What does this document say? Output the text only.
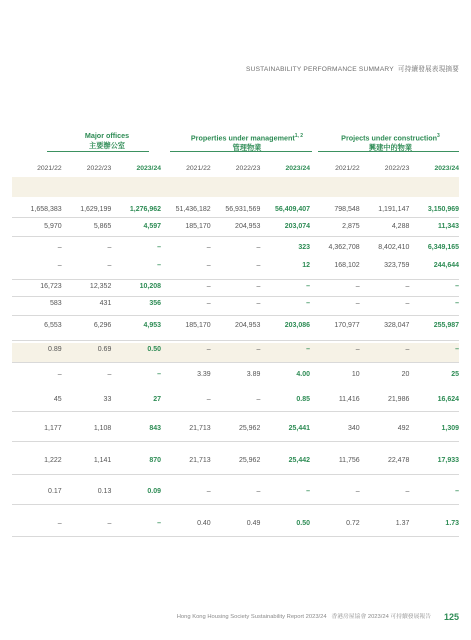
SUSTAINABILITY PERFORMANCE SUMMARY 可持續發展表現摘要
Major offices
主要辦公室
Properties under management$^{1, 2}$
管理物業
Projects under construction$^3$
興建中的物業
2021/22	2022/23	2023/24	2021/22	2022/23	2023/24	2021/22	2022/23	2023/24
1,658,383	1,629,199	1,276,962	51,436,182	56,931,569	56,409,407	798,548	1,191,147	3,150,969
5,970	5,865	4,597	185,170	204,953	203,074	2,875	4,288	11,343
–	–	–	–	–	323	4,362,708	8,402,410	6,349,165
–	–	–	–	–	12	168,102	323,759	244,644
16,723	12,352	10,208	–	–	–	–	–	–
583	431	356	–	–	–	–	–	–
6,553	6,296	4,953	185,170	204,953	203,086	170,977	328,047	255,987
0.89	0.69	0.50	–	–	–	–	–	–
–	–	–	3.39	3.89	4.00	10	20	25
45	33	27	–	–	0.85	11,416	21,986	16,624
1,177	1,108	843	21,713	25,962	25,441	340	492	1,309
1,222	1,141	870	21,713	25,962	25,442	11,756	22,478	17,933
0.17	0.13	0.09	–	–	–	–	–	–
–	–	–	0.40	0.49	0.50	0.72	1.37	1.73
Hong Kong Housing Society Sustainability Report 2023/24 香港房屋協會 2023/24 可持續發展報告 125
